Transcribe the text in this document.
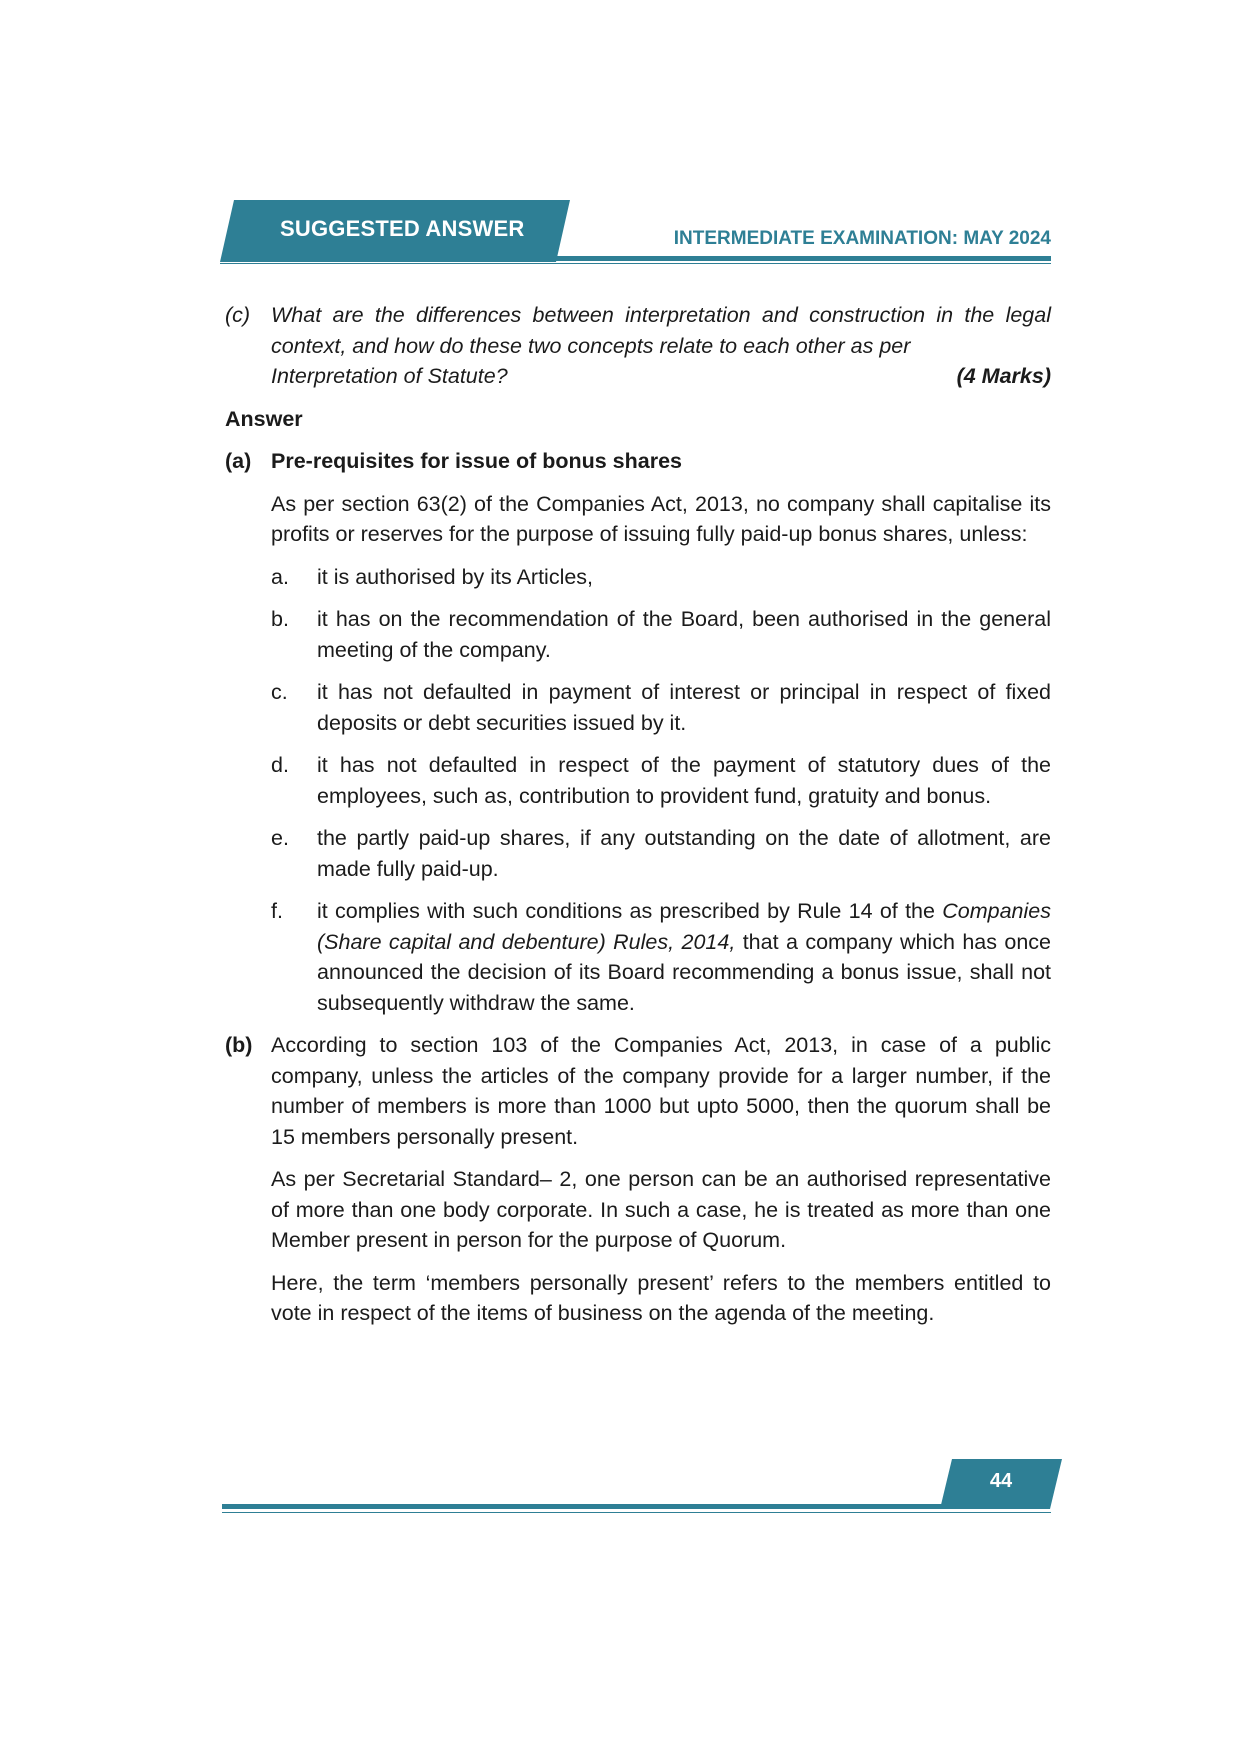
SUGGESTED ANSWER	INTERMEDIATE EXAMINATION: MAY 2024
(c) What are the differences between interpretation and construction in the legal context, and how do these two concepts relate to each other as per
Interpretation of Statute?	(4 Marks)
Answer
(a) Pre-requisites for issue of bonus shares
As per section 63(2) of the Companies Act, 2013, no company shall capitalise its profits or reserves for the purpose of issuing fully paid-up bonus shares, unless:
a.	it is authorised by its Articles,
b.	it has on the recommendation of the Board, been authorised in the general meeting of the company.
c.	it has not defaulted in payment of interest or principal in respect of fixed deposits or debt securities issued by it.
d.	it has not defaulted in respect of the payment of statutory dues of the employees, such as, contribution to provident fund, gratuity and bonus.
e.	the partly paid-up shares, if any outstanding on the date of allotment, are made fully paid-up.
f.	it complies with such conditions as prescribed by Rule 14 of the Companies (Share capital and debenture) Rules, 2014, that a company which has once announced the decision of its Board recommending a bonus issue, shall not subsequently withdraw the same.
(b) According to section 103 of the Companies Act, 2013, in case of a public company, unless the articles of the company provide for a larger number, if the number of members is more than 1000 but upto 5000, then the quorum shall be 15 members personally present.
As per Secretarial Standard– 2, one person can be an authorised representative of more than one body corporate. In such a case, he is treated as more than one Member present in person for the purpose of Quorum.
Here, the term ‘members personally present’ refers to the members entitled to vote in respect of the items of business on the agenda of the meeting.
44
